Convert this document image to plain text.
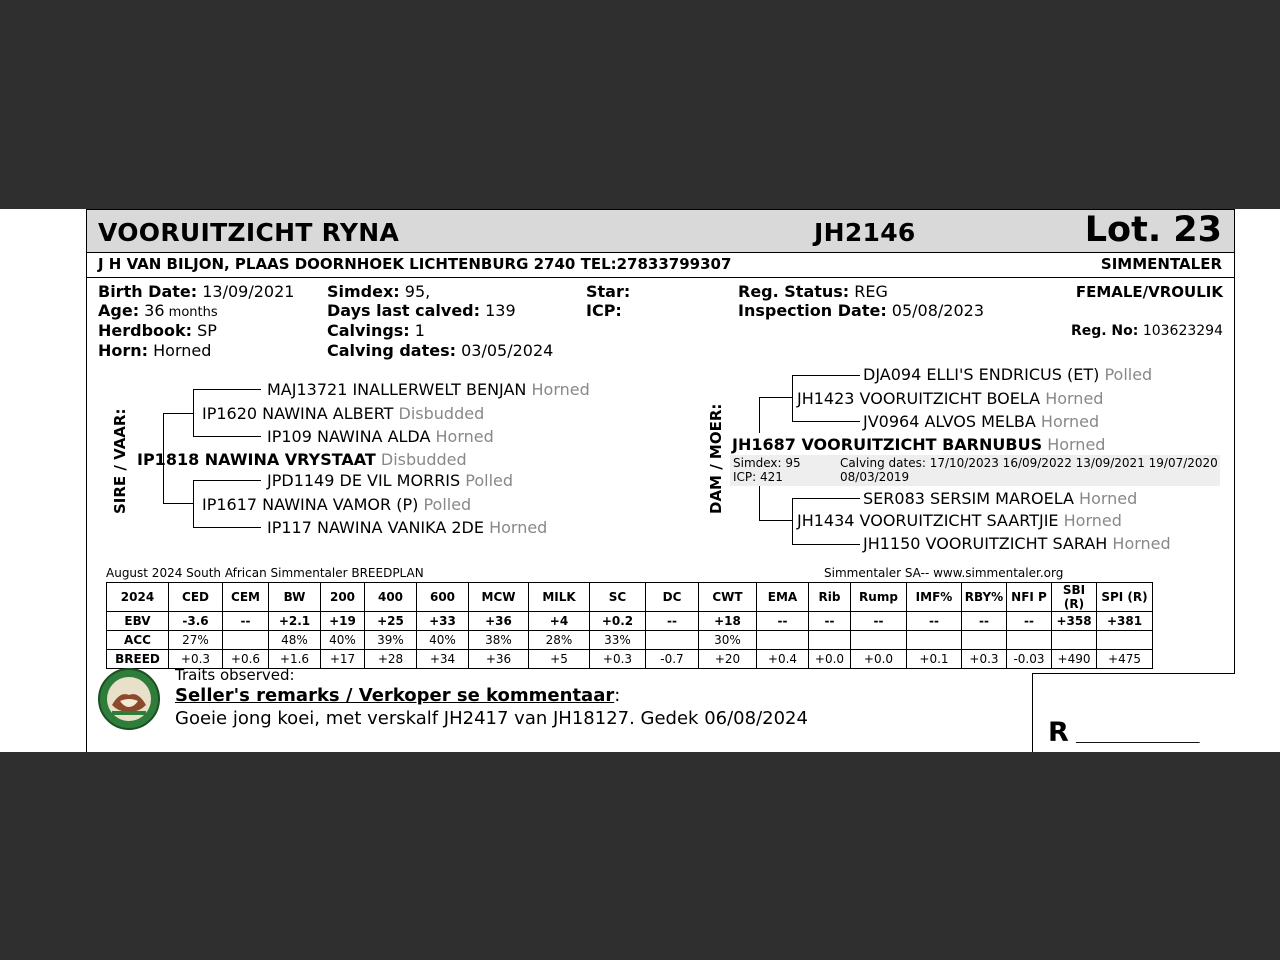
VOORUITZICHT RYNA	JH2146	Lot. 23
J H VAN BILJON, PLAAS DOORNHOEK LICHTENBURG 2740 TEL:27833799307	SIMMENTALER
Birth Date: 13/09/2021
Age: 36 months
Herdbook: SP
Horn: Horned
Simdex: 95,
Days last calved: 139
Calvings: 1
Calving dates: 03/05/2024
Star:
ICP:
Reg. Status: REG
Inspection Date: 05/08/2023
FEMALE/VROULIK
Reg. No: 103623294
SIRE / VAAR:
MAJ13721 INALLERWELT BENJAN Horned
IP1620 NAWINA ALBERT Disbudded
IP109 NAWINA ALDA Horned
IP1818 NAWINA VRYSTAAT Disbudded
JPD1149 DE VIL MORRIS Polled
IP1617 NAWINA VAMOR (P) Polled
IP117 NAWINA VANIKA 2DE Horned
DAM / MOER:
DJA094 ELLI'S ENDRICUS (ET) Polled
JH1423 VOORUITZICHT BOELA Horned
JV0964 ALVOS MELBA Horned
JH1687 VOORUITZICHT BARNUBUS Horned
Simdex: 95
ICP: 421
Calving dates: 17/10/2023 16/09/2022 13/09/2021 19/07/2020
08/03/2019
SER083 SERSIM MAROELA Horned
JH1434 VOORUITZICHT SAARTJIE Horned
JH1150 VOORUITZICHT SARAH Horned
August 2024 South African Simmentaler BREEDPLAN	Simmentaler SA-- www.simmentaler.org
2024	CED	CEM	BW	200	400	600	MCW	MILK	SC	DC	CWT	EMA	Rib	Rump	IMF%	RBY%	NFI P	SBI (R)	SPI (R)
EBV	-3.6	--	+2.1	+19	+25	+33	+36	+4	+0.2	--	+18	--	--	--	--	--	--	+358	+381
ACC	27%		48%	40%	39%	40%	38%	28%	33%		30%								
BREED	+0.3	+0.6	+1.6	+17	+28	+34	+36	+5	+0.3	-0.7	+20	+0.4	+0.0	+0.0	+0.1	+0.3	-0.03	+490	+475
Traits observed:
Seller's remarks / Verkoper se kommentaar:
Goeie jong koei, met verskalf JH2417 van JH18127. Gedek 06/08/2024	R ___________________
